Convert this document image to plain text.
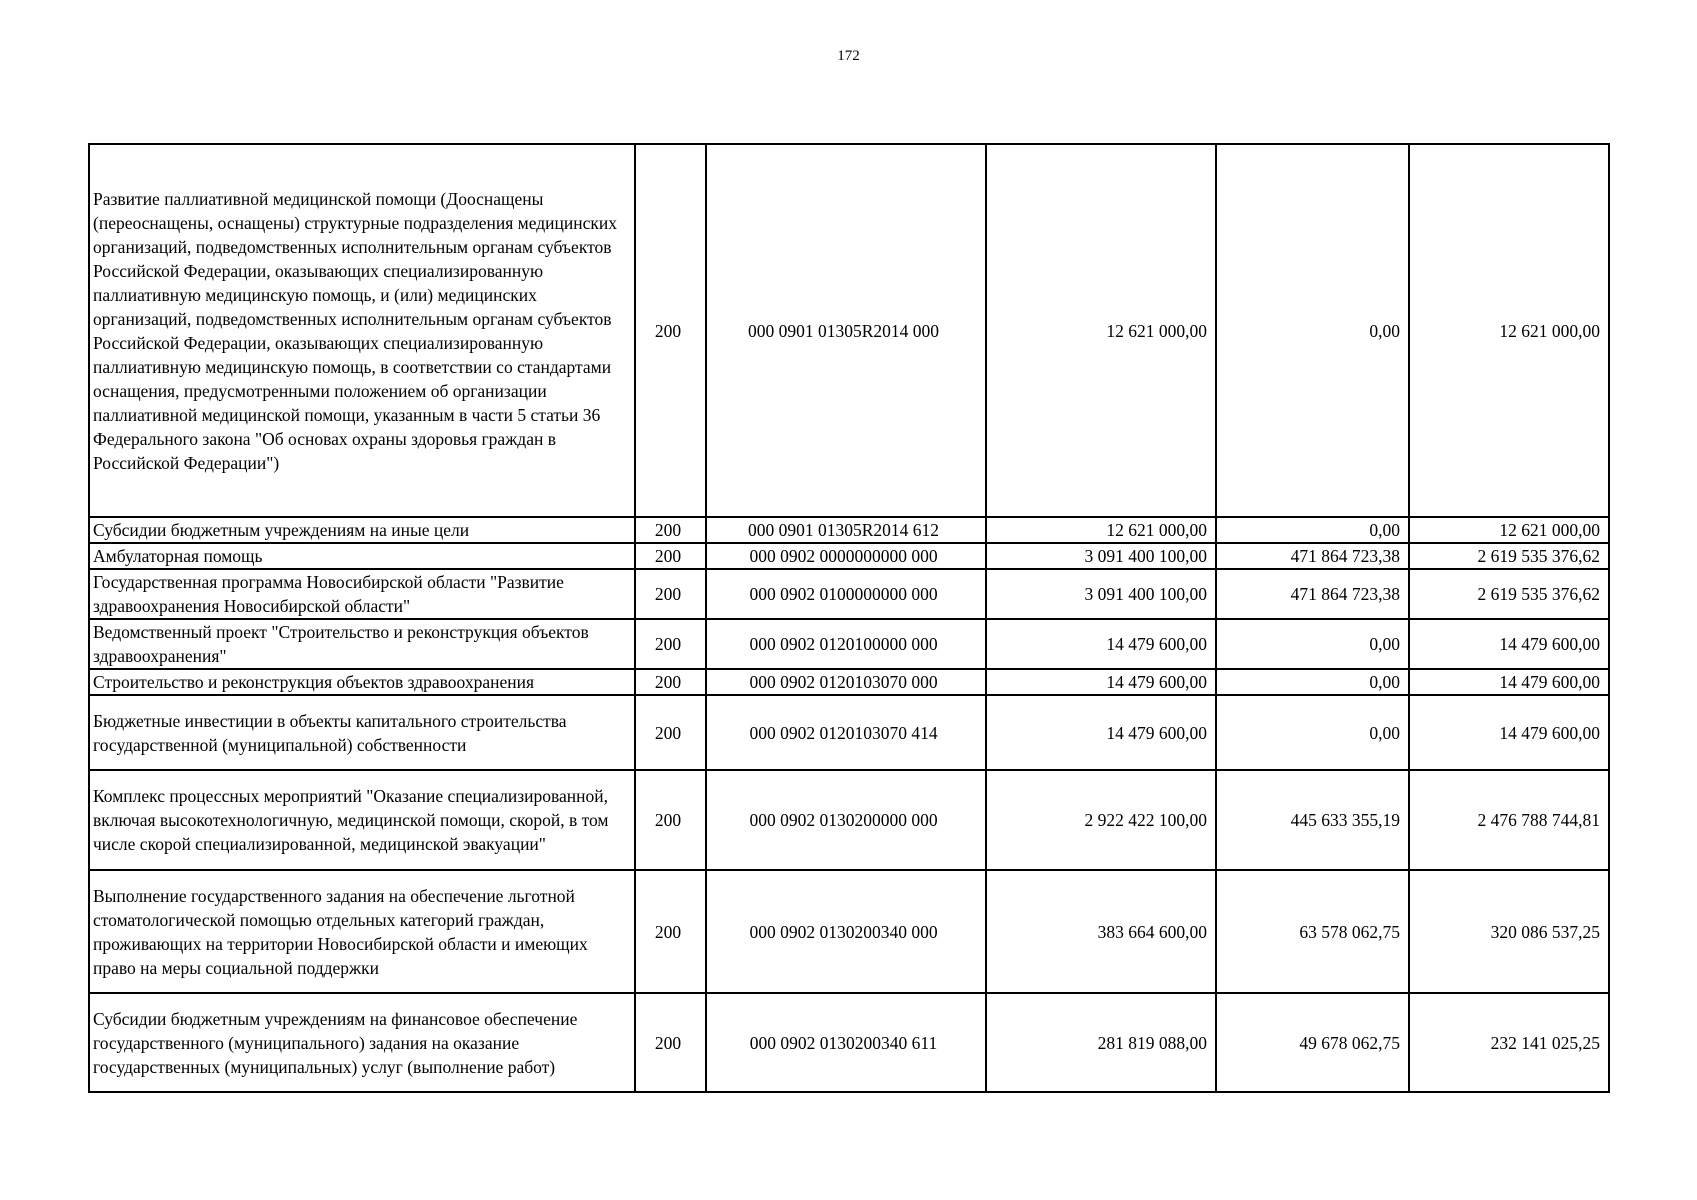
172
Развитие паллиативной медицинской помощи (Дооснащены (переоснащены, оснащены) структурные подразделения медицинских организаций, подведомственных исполнительным органам субъектов Российской Федерации, оказывающих специализированную паллиативную медицинскую помощь, и (или) медицинских организаций, подведомственных исполнительным органам субъектов Российской Федерации, оказывающих специализированную паллиативную медицинскую помощь, в соответствии со стандартами оснащения, предусмотренными положением об организации паллиативной медицинской помощи, указанным в части 5 статьи 36 Федерального закона "Об основах охраны здоровья граждан в Российской Федерации")	200	000 0901 01305R2014 000	12 621 000,00	0,00	12 621 000,00
Субсидии бюджетным учреждениям на иные цели	200	000 0901 01305R2014 612	12 621 000,00	0,00	12 621 000,00
Амбулаторная помощь	200	000 0902 0000000000 000	3 091 400 100,00	471 864 723,38	2 619 535 376,62
Государственная программа Новосибирской области "Развитие здравоохранения Новосибирской области"	200	000 0902 0100000000 000	3 091 400 100,00	471 864 723,38	2 619 535 376,62
Ведомственный проект "Строительство и реконструкция объектов здравоохранения"	200	000 0902 0120100000 000	14 479 600,00	0,00	14 479 600,00
Строительство и реконструкция объектов здравоохранения	200	000 0902 0120103070 000	14 479 600,00	0,00	14 479 600,00
Бюджетные инвестиции в объекты капитального строительства государственной (муниципальной) собственности	200	000 0902 0120103070 414	14 479 600,00	0,00	14 479 600,00
Комплекс процессных мероприятий "Оказание специализированной, включая высокотехнологичную, медицинской помощи, скорой, в том числе скорой специализированной, медицинской эвакуации"	200	000 0902 0130200000 000	2 922 422 100,00	445 633 355,19	2 476 788 744,81
Выполнение государственного задания на обеспечение льготной стоматологической помощью отдельных категорий граждан, проживающих на территории Новосибирской области и имеющих право на меры социальной поддержки	200	000 0902 0130200340 000	383 664 600,00	63 578 062,75	320 086 537,25
Субсидии бюджетным учреждениям на финансовое обеспечение государственного (муниципального) задания на оказание государственных (муниципальных) услуг (выполнение работ)	200	000 0902 0130200340 611	281 819 088,00	49 678 062,75	232 141 025,25
